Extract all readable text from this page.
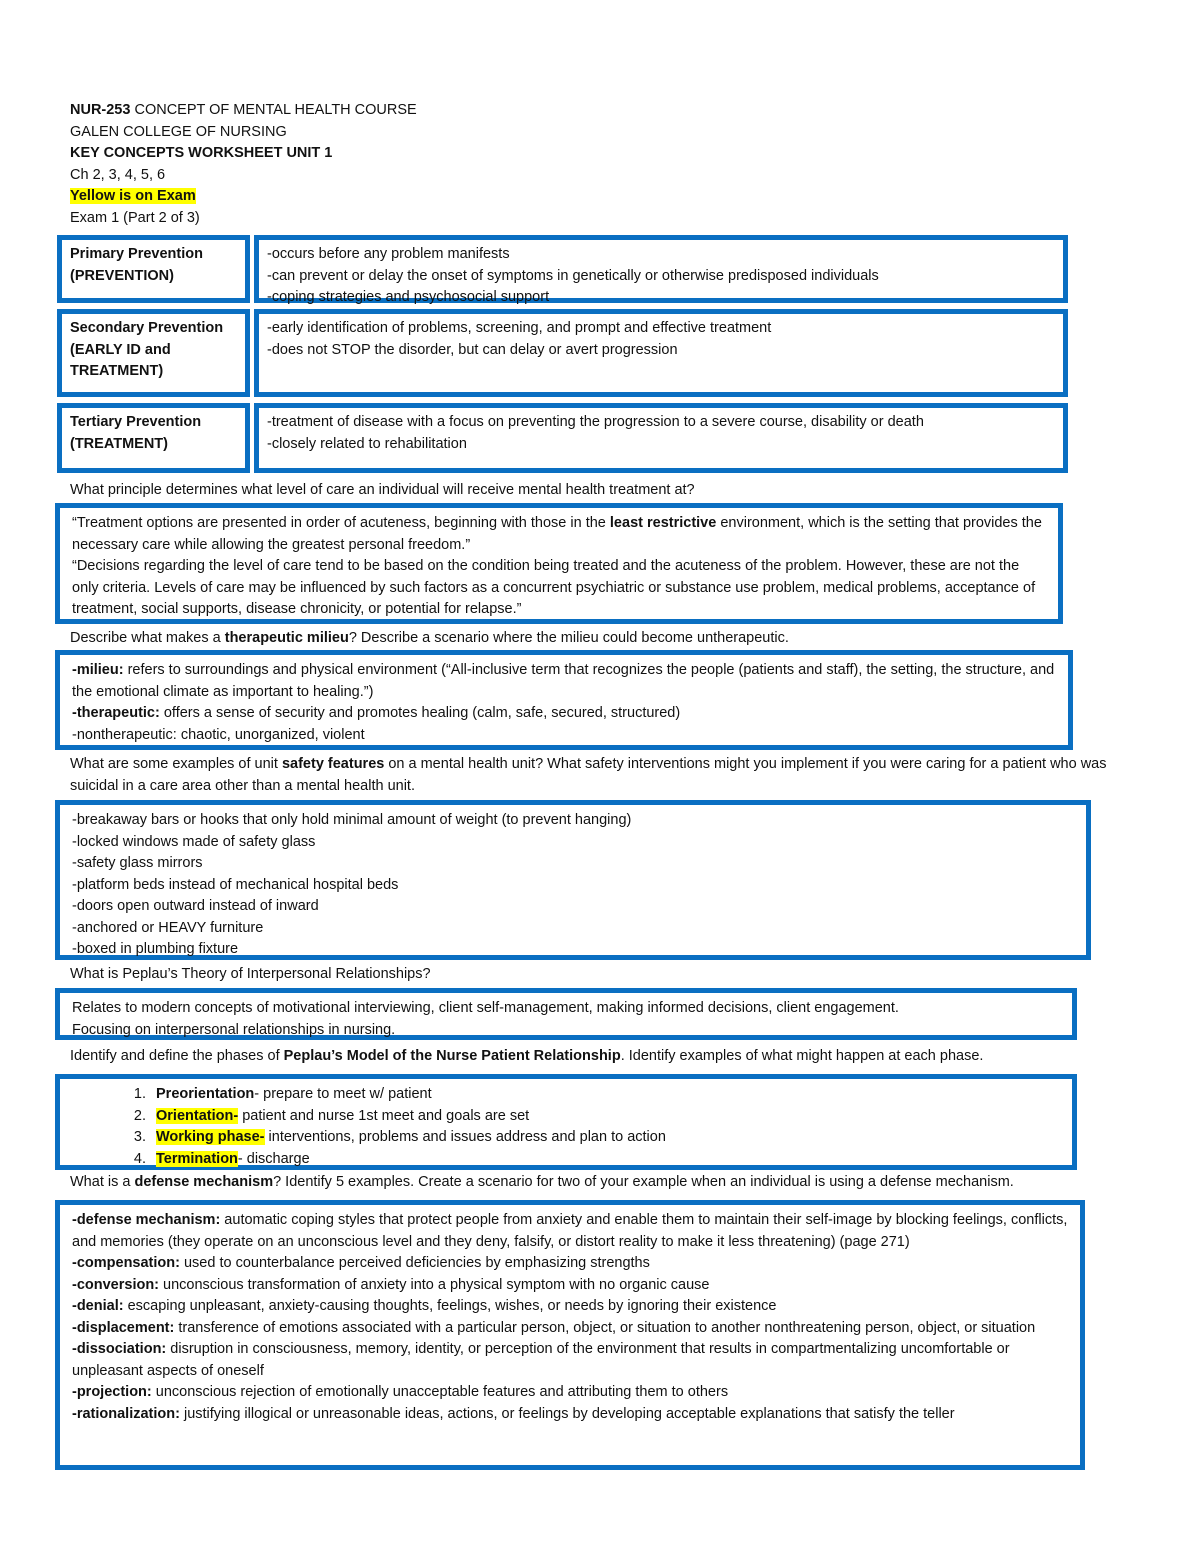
NUR-253 CONCEPT OF MENTAL HEALTH COURSE
GALEN COLLEGE OF NURSING
KEY CONCEPTS WORKSHEET UNIT 1
Ch 2, 3, 4, 5, 6
Yellow is on Exam
Exam 1 (Part 2 of 3)
Primary Prevention
(PREVENTION)
-occurs before any problem manifests
-can prevent or delay the onset of symptoms in genetically or otherwise predisposed individuals
-coping strategies and psychosocial support
Secondary Prevention
(EARLY ID and
TREATMENT)
-early identification of problems, screening, and prompt and effective treatment
-does not STOP the disorder, but can delay or avert progression
Tertiary Prevention
(TREATMENT)
-treatment of disease with a focus on preventing the progression to a severe course, disability or death
-closely related to rehabilitation
What principle determines what level of care an individual will receive mental health treatment at?
“Treatment options are presented in order of acuteness, beginning with those in the least restrictive environment, which is the setting that provides the necessary care while allowing the greatest personal freedom.”
“Decisions regarding the level of care tend to be based on the condition being treated and the acuteness of the problem. However, these are not the only criteria. Levels of care may be influenced by such factors as a concurrent psychiatric or substance use problem, medical problems, acceptance of treatment, social supports, disease chronicity, or potential for relapse.”
Describe what makes a therapeutic milieu? Describe a scenario where the milieu could become untherapeutic.
-milieu: refers to surroundings and physical environment (“All-inclusive term that recognizes the people (patients and staff), the setting, the structure, and the emotional climate as important to healing.”)
-therapeutic: offers a sense of security and promotes healing (calm, safe, secured, structured)
-nontherapeutic: chaotic, unorganized, violent
What are some examples of unit safety features on a mental health unit? What safety interventions might you implement if you were caring for a patient who was suicidal in a care area other than a mental health unit.
-breakaway bars or hooks that only hold minimal amount of weight (to prevent hanging)
-locked windows made of safety glass
-safety glass mirrors
-platform beds instead of mechanical hospital beds
-doors open outward instead of inward
-anchored or HEAVY furniture
-boxed in plumbing fixture
What is Peplau’s Theory of Interpersonal Relationships?
Relates to modern concepts of motivational interviewing, client self-management, making informed decisions, client engagement.
Focusing on interpersonal relationships in nursing.
Identify and define the phases of Peplau’s Model of the Nurse Patient Relationship. Identify examples of what might happen at each phase.
1. Preorientation- prepare to meet w/ patient
2. Orientation- patient and nurse 1st meet and goals are set
3. Working phase- interventions, problems and issues address and plan to action
4. Termination- discharge
What is a defense mechanism? Identify 5 examples. Create a scenario for two of your example when an individual is using a defense mechanism.
-defense mechanism: automatic coping styles that protect people from anxiety and enable them to maintain their self-image by blocking feelings, conflicts, and memories (they operate on an unconscious level and they deny, falsify, or distort reality to make it less threatening) (page 271)
-compensation: used to counterbalance perceived deficiencies by emphasizing strengths
-conversion: unconscious transformation of anxiety into a physical symptom with no organic cause
-denial: escaping unpleasant, anxiety-causing thoughts, feelings, wishes, or needs by ignoring their existence
-displacement: transference of emotions associated with a particular person, object, or situation to another nonthreatening person, object, or situation
-dissociation: disruption in consciousness, memory, identity, or perception of the environment that results in compartmentalizing uncomfortable or unpleasant aspects of oneself
-projection: unconscious rejection of emotionally unacceptable features and attributing them to others
-rationalization: justifying illogical or unreasonable ideas, actions, or feelings by developing acceptable explanations that satisfy the teller
